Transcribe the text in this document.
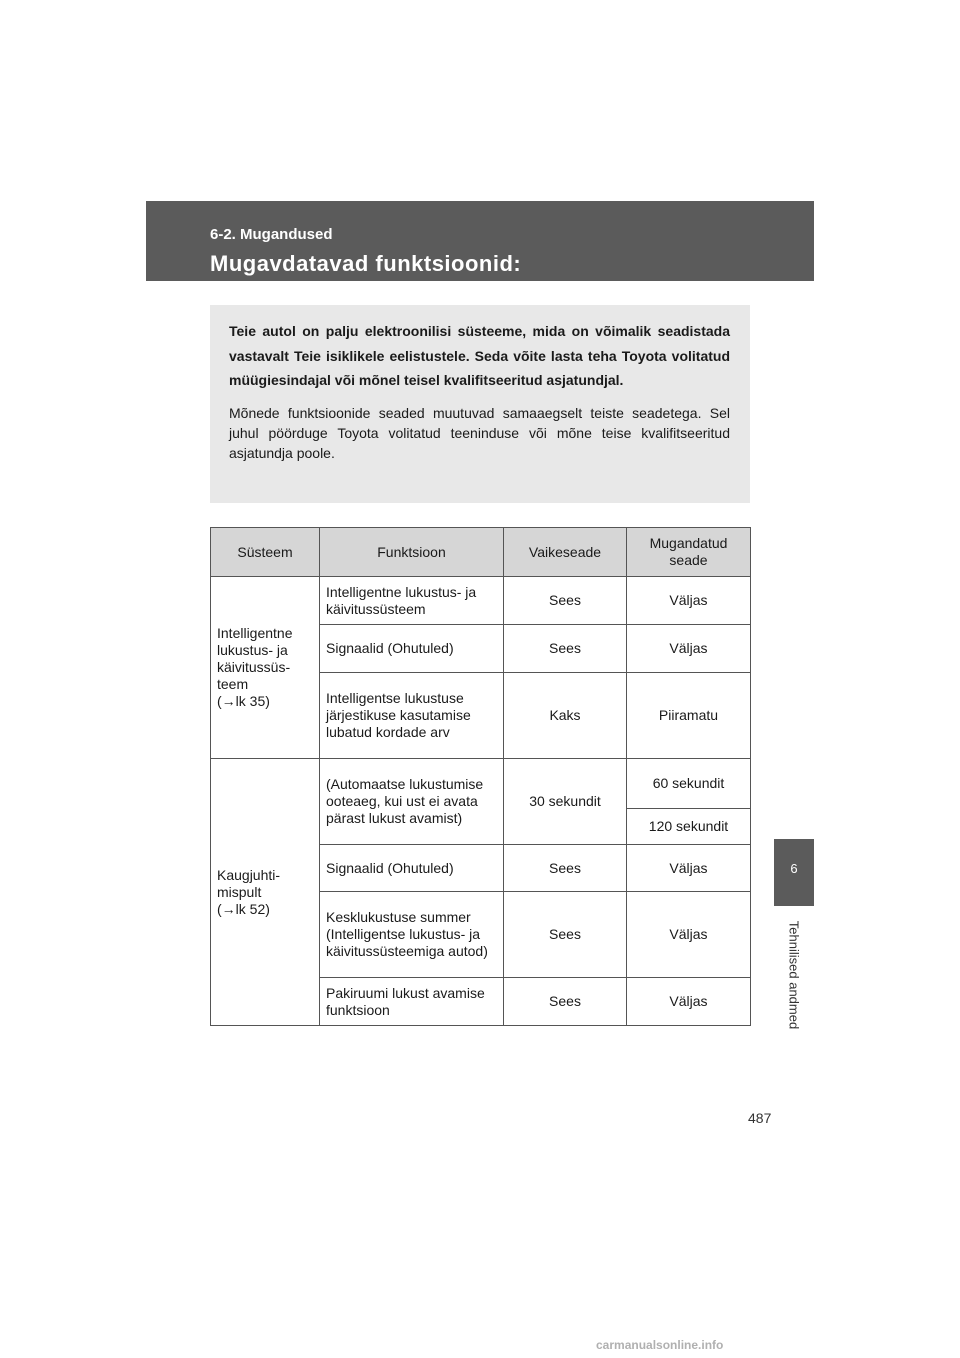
6-2. Mugandused
Mugavdatavad funktsioonid:

Teie autol on palju elektroonilisi süsteeme, mida on võimalik seadistada vastavalt Teie isiklikele eelistustele. Seda võite lasta teha Toyota volitatud müügiesindajal või mõnel teisel kvalifitseeritud asjatundjal.

Mõnede funktsioonide seaded muutuvad samaaegselt teiste seadetega. Sel juhul pöörduge Toyota volitatud teeninduse või mõne teise kvalifitseeritud asjatundja poole.

Süsteem	Funktsioon	Vaikeseade	Mugandatud seade
Intelligentne lukustus- ja käivitussüsteem
(→lk 35)	Intelligentne lukustus- ja käivitussüsteem	Sees	Väljas
	Signaalid (Ohutuled)	Sees	Väljas
	Intelligentse lukustuse järjestikuse kasutamise lubatud kordade arv	Kaks	Piiramatu
Kaugjuhtimispult
(→lk 52)	(Automaatse lukustumise ooteaeg, kui ust ei avata pärast lukust avamist)	30 sekundit	60 sekundit
			120 sekundit
	Signaalid (Ohutuled)	Sees	Väljas
	Kesklukustuse summer (Intelligentse lukustus- ja käivitussüsteemiga autod)	Sees	Väljas
	Pakiruumi lukust avamise funktsioon	Sees	Väljas
6
Tehnilised andmed
487
carmanualsonline.info
